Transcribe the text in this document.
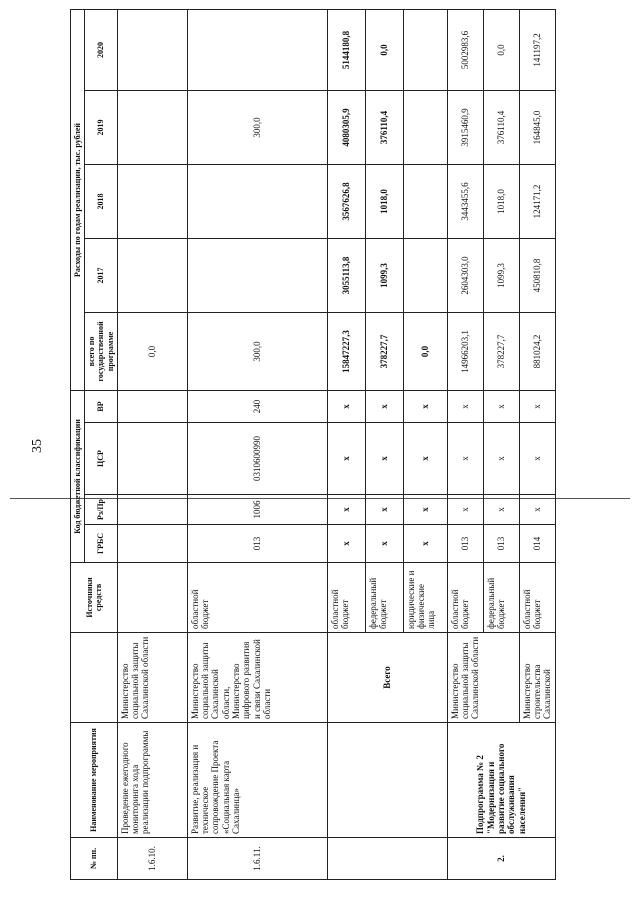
35
№ пп.	Наименование мероприятия		Источники средств	Код бюджетной классификации				Расходы по годам реализации, тыс. рублей				
				ГРБС	Рз/Пр	ЦСР	ВР	всего по государственной программе	2017	2018	2019	2020
1.6.10.	Проведение ежегодного мониторинга хода реализации подпрограммы	Министерство социальной защиты Сахалинской области						0,0				
1.6.11.	Развитие, реализация и техническое сопровождение Проекта «Социальная карта Сахалинца»	Министерство социальной защиты Сахалинской области, Министерство цифрового развития и связи Сахалинской области	областной бюджет	013	1006	0310600990	240	300,0			300,0	
		Всего	областной бюджет	х	х	х	х	15847227,3	3055113,8	3567626,8	4080305,9	5144180,8
			федеральный бюджет	х	х	х	х	378227,7	1099,3	1018,0	376110,4	0,0
			юридические и физические лица	х	х	х	х	0,0				
2.	Подпрограмма № 2 "Модернизация и развитие социального обслуживания населения"	Министерство социальной защиты Сахалинской области	областной бюджет	013	х	х	х	14966203,1	2604303,0	3443455,6	3915460,9	5002983,6
			федеральный бюджет	013	х	х	х	378227,7	1099,3	1018,0	376110,4	0,0
		Министерство строительства Сахалинской	областной бюджет	014	х	х	х	881024,2	450810,8	124171,2	164845,0	141197,2
